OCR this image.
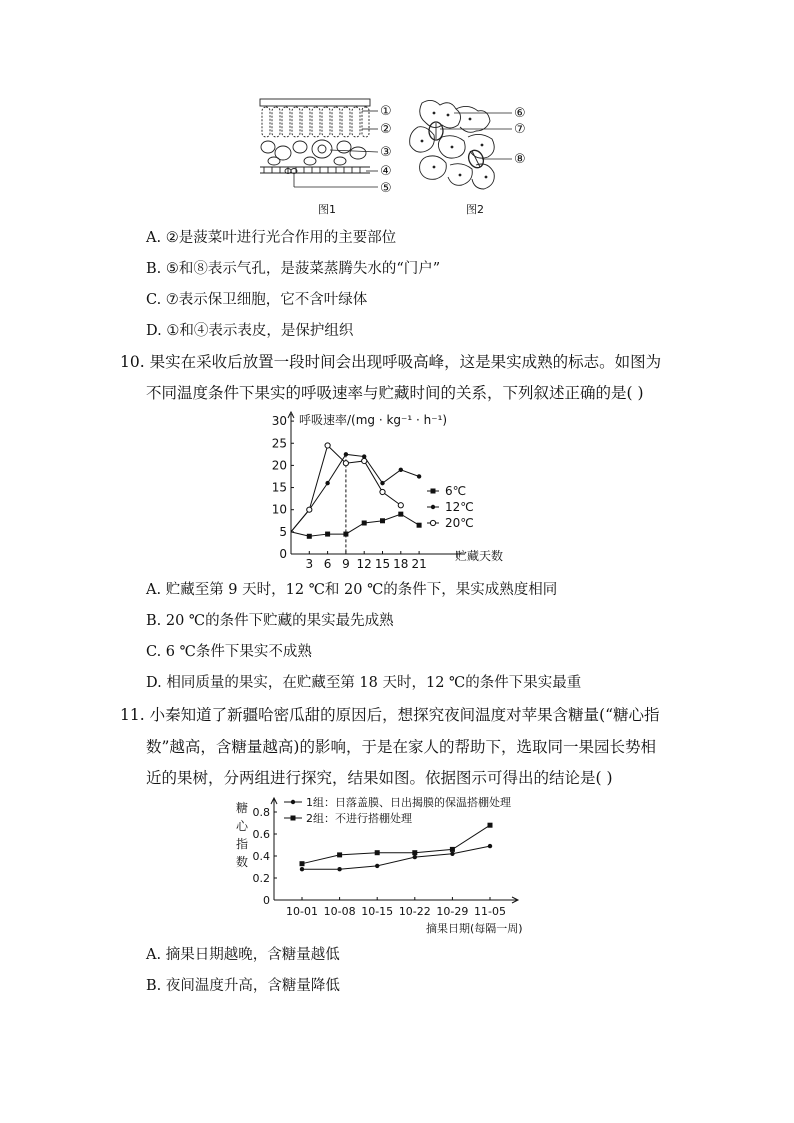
①
②
③
④
⑤
⑥
⑦
⑧
图1	图2
A. ②是菠菜叶进行光合作用的主要部位
B. ⑤和⑧表示气孔，是菠菜蒸腾失水的“门户”
C. ⑦表示保卫细胞，它不含叶绿体
D. ①和④表示表皮，是保护组织
10. 果实在采收后放置一段时间会出现呼吸高峰，这是果实成熟的标志。如图为
不同温度条件下果实的呼吸速率与贮藏时间的关系，下列叙述正确的是( )
呼吸速率/(mg · kg⁻¹ · h⁻¹)
贮藏天数
0
5
10
15
20
25
30
3 6 9 12 15 18 21
6℃
12℃
20℃
A. 贮藏至第 9 天时，12 ℃和 20 ℃的条件下，果实成熟度相同
B. 20 ℃的条件下贮藏的果实最先成熟
C. 6 ℃条件下果实不成熟
D. 相同质量的果实，在贮藏至第 18 天时，12 ℃的条件下果实最重
11. 小秦知道了新疆哈密瓜甜的原因后，想探究夜间温度对苹果含糖量(“糖心指
数”越高，含糖量越高)的影响，于是在家人的帮助下，选取同一果园长势相
近的果树，分两组进行探究，结果如图。依据图示可得出的结论是( )
糖
心
指
数
摘果日期(每隔一周)
0
0.2
0.4
0.6
0.8
10-01 10-08 10-15 10-22 10-29 11-05
1组：日落盖膜、日出揭膜的保温搭棚处理
2组：不进行搭棚处理
A. 摘果日期越晚，含糖量越低
B. 夜间温度升高，含糖量降低
